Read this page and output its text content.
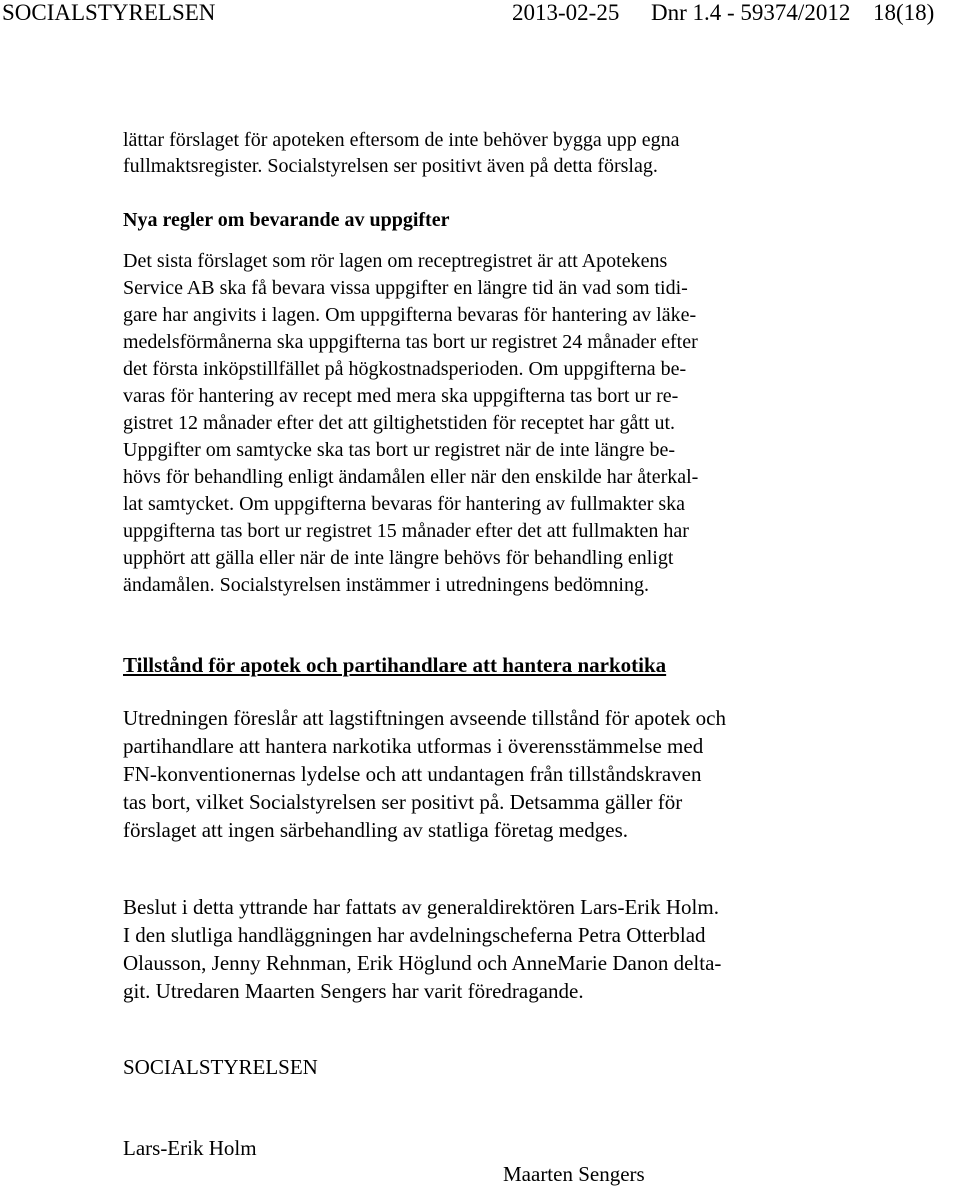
SOCIALSTYRELSEN	2013-02-25 Dnr 1.4 - 59374/2012 18(18)
lättar förslaget för apoteken eftersom de inte behöver bygga upp egna
fullmaktsregister. Socialstyrelsen ser positivt även på detta förslag.
Nya regler om bevarande av uppgifter
Det sista förslaget som rör lagen om receptregistret är att Apotekens
Service AB ska få bevara vissa uppgifter en längre tid än vad som tidi-
gare har angivits i lagen. Om uppgifterna bevaras för hantering av läke-
medelsförmånerna ska uppgifterna tas bort ur registret 24 månader efter
det första inköpstillfället på högkostnadsperioden. Om uppgifterna be-
varas för hantering av recept med mera ska uppgifterna tas bort ur re-
gistret 12 månader efter det att giltighetstiden för receptet har gått ut.
Uppgifter om samtycke ska tas bort ur registret när de inte längre be-
hövs för behandling enligt ändamålen eller när den enskilde har återkal-
lat samtycket. Om uppgifterna bevaras för hantering av fullmakter ska
uppgifterna tas bort ur registret 15 månader efter det att fullmakten har
upphört att gälla eller när de inte längre behövs för behandling enligt
ändamålen. Socialstyrelsen instämmer i utredningens bedömning.
Tillstånd för apotek och partihandlare att hantera narkotika
Utredningen föreslår att lagstiftningen avseende tillstånd för apotek och
partihandlare att hantera narkotika utformas i överensstämmelse med
FN-konventionernas lydelse och att undantagen från tillståndskraven
tas bort, vilket Socialstyrelsen ser positivt på. Detsamma gäller för
förslaget att ingen särbehandling av statliga företag medges.
Beslut i detta yttrande har fattats av generaldirektören Lars-Erik Holm.
I den slutliga handläggningen har avdelningscheferna Petra Otterblad
Olausson, Jenny Rehnman, Erik Höglund och AnneMarie Danon delta-
git. Utredaren Maarten Sengers har varit föredragande.
SOCIALSTYRELSEN
Lars-Erik Holm
Maarten Sengers
